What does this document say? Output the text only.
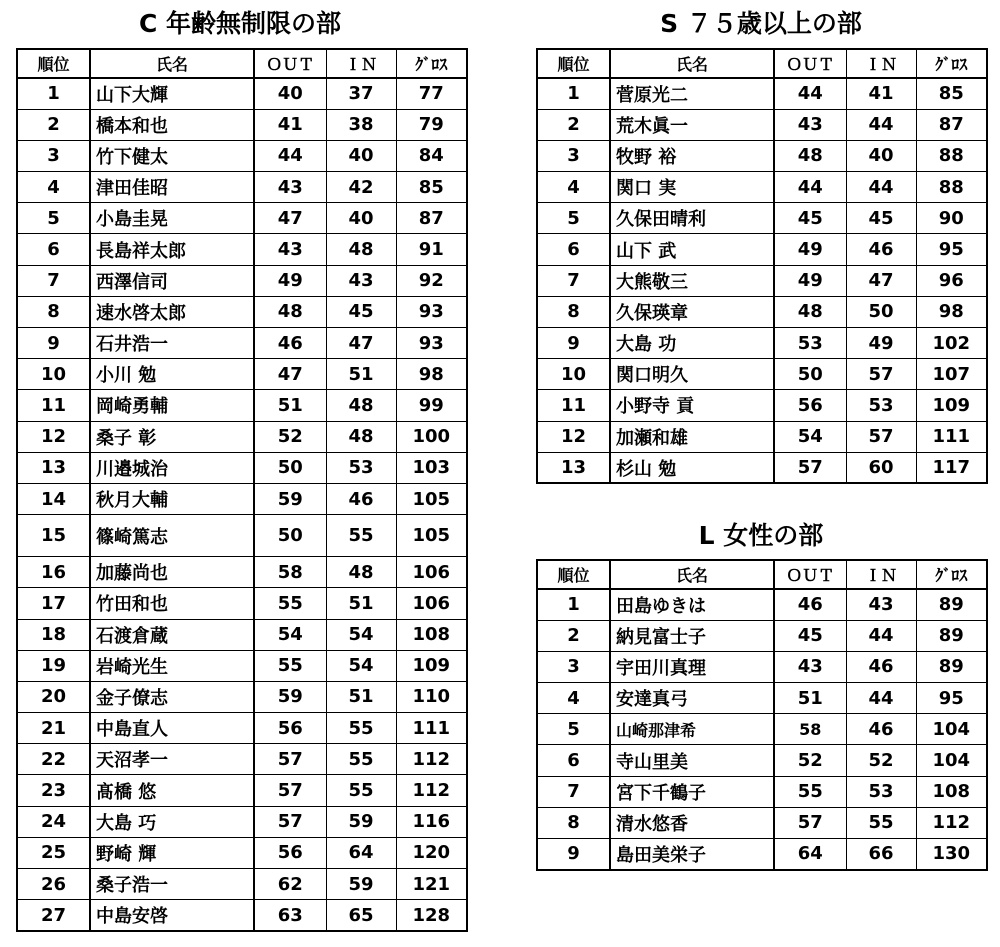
C 年齢無制限の部
順位	氏名	ＯＵＴ	ＩＮ	ｸﾞﾛｽ
1	山下大輝	40	37	77
2	橋本和也	41	38	79
3	竹下健太	44	40	84
4	津田佳昭	43	42	85
5	小島圭晃	47	40	87
6	長島祥太郎	43	48	91
7	西澤信司	49	43	92
8	速水啓太郎	48	45	93
9	石井浩一	46	47	93
10	小川 勉	47	51	98
11	岡崎勇輔	51	48	99
12	桑子 彰	52	48	100
13	川邉城治	50	53	103
14	秋月大輔	59	46	105
15	篠崎篤志	50	55	105
16	加藤尚也	58	48	106
17	竹田和也	55	51	106
18	石渡倉蔵	54	54	108
19	岩崎光生	55	54	109
20	金子僚志	59	51	110
21	中島直人	56	55	111
22	天沼孝一	57	55	112
23	髙橋 悠	57	55	112
24	大島 巧	57	59	116
25	野崎 輝	56	64	120
26	桑子浩一	62	59	121
27	中島安啓	63	65	128
S ７５歳以上の部
順位	氏名	ＯＵＴ	ＩＮ	ｸﾞﾛｽ
1	菅原光二	44	41	85
2	荒木眞一	43	44	87
3	牧野 裕	48	40	88
4	関口 実	44	44	88
5	久保田晴利	45	45	90
6	山下 武	49	46	95
7	大熊敬三	49	47	96
8	久保瑛章	48	50	98
9	大島 功	53	49	102
10	関口明久	50	57	107
11	小野寺 貢	56	53	109
12	加瀬和雄	54	57	111
13	杉山 勉	57	60	117
L 女性の部
順位	氏名	ＯＵＴ	ＩＮ	ｸﾞﾛｽ
1	田島ゆきは	46	43	89
2	納見富士子	45	44	89
3	宇田川真理	43	46	89
4	安達真弓	51	44	95
5	山崎那津希	58	46	104
6	寺山里美	52	52	104
7	宮下千鶴子	55	53	108
8	清水悠香	57	55	112
9	島田美栄子	64	66	130
